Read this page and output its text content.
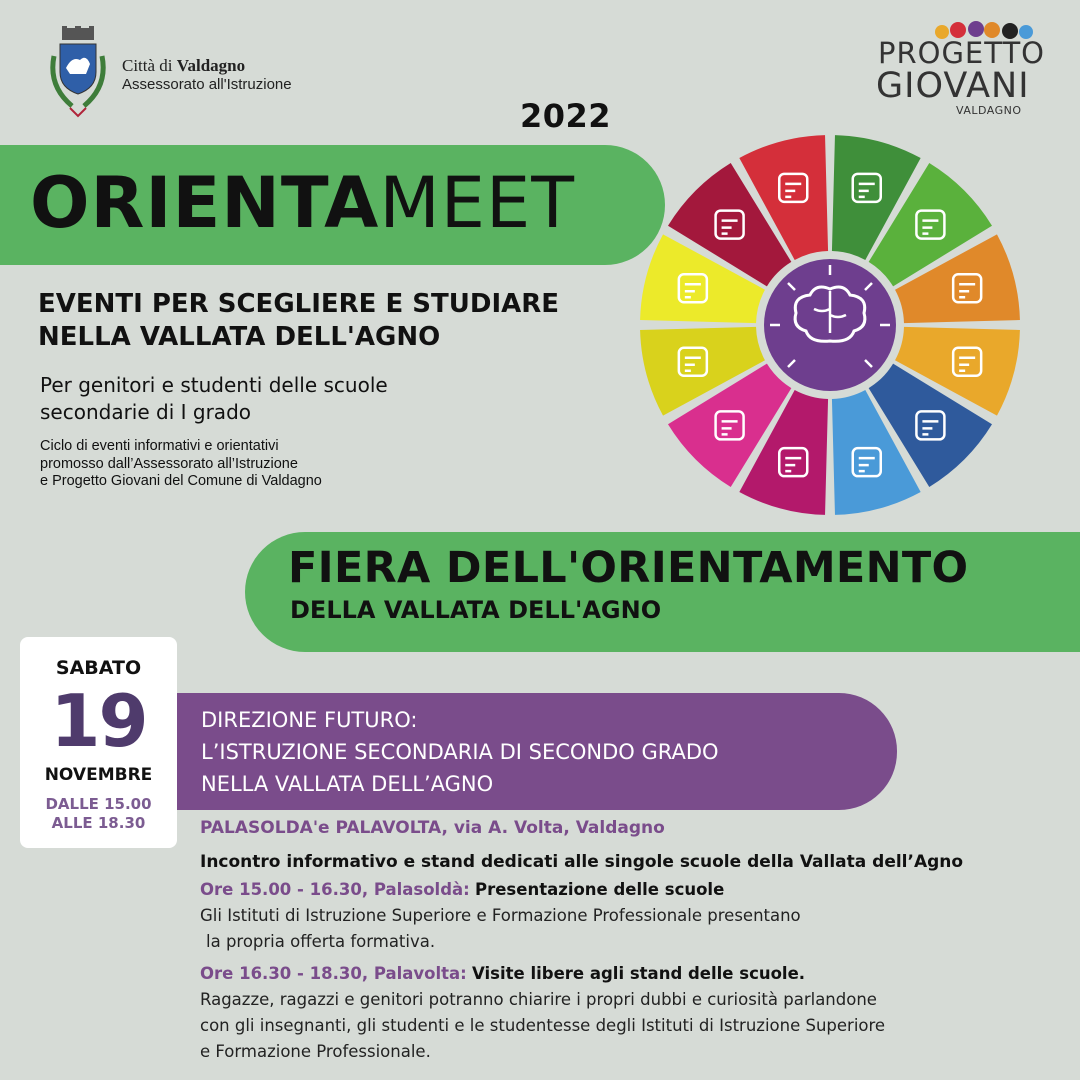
Città di Valdagno
Assessorato all'Istruzione
PROGETTO
GIOVANI
VALDAGNO
2022
ORIENTAMEET
EVENTI PER SCEGLIERE E STUDIARE
NELLA VALLATA DELL'AGNO
Per genitori e studenti delle scuole
secondarie di I grado
Ciclo di eventi informativi e orientativi
promosso dall’Assessorato all’Istruzione
e Progetto Giovani del Comune di Valdagno
FIERA DELL'ORIENTAMENTO
DELLA VALLATA DELL'AGNO
SABATO
19
NOVEMBRE
DALLE 15.00
ALLE 18.30
DIREZIONE FUTURO:
L’ISTRUZIONE SECONDARIA DI SECONDO GRADO
NELLA VALLATA DELL’AGNO
PALASOLDA'e PALAVOLTA, via A. Volta, Valdagno
Incontro informativo e stand dedicati alle singole scuole della Vallata dell’Agno
Ore 15.00 - 16.30, Palasoldà: Presentazione delle scuole
Gli Istituti di Istruzione Superiore e Formazione Professionale presentano
la propria offerta formativa.
Ore 16.30 - 18.30, Palavolta: Visite libere agli stand delle scuole.
Ragazze, ragazzi e genitori potranno chiarire i propri dubbi e curiosità parlandone
con gli insegnanti, gli studenti e le studentesse degli Istituti di Istruzione Superiore
e Formazione Professionale.
